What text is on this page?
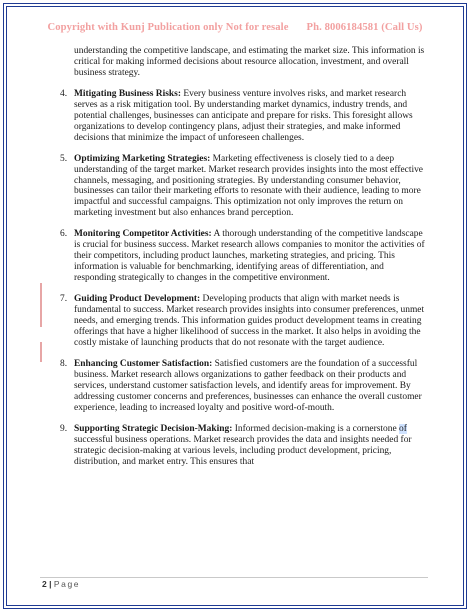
Copyright with Kunj Publication only Not for resale Ph. 8006184581 (Call Us)

understanding the competitive landscape, and estimating the market size. This information is critical for making informed decisions about resource allocation, investment, and overall business strategy.

4. Mitigating Business Risks: Every business venture involves risks, and market research serves as a risk mitigation tool. By understanding market dynamics, industry trends, and potential challenges, businesses can anticipate and prepare for risks. This foresight allows organizations to develop contingency plans, adjust their strategies, and make informed decisions that minimize the impact of unforeseen challenges.
5. Optimizing Marketing Strategies: Marketing effectiveness is closely tied to a deep understanding of the target market. Market research provides insights into the most effective channels, messaging, and positioning strategies. By understanding consumer behavior, businesses can tailor their marketing efforts to resonate with their audience, leading to more impactful and successful campaigns. This optimization not only improves the return on marketing investment but also enhances brand perception.
6. Monitoring Competitor Activities: A thorough understanding of the competitive landscape is crucial for business success. Market research allows companies to monitor the activities of their competitors, including product launches, marketing strategies, and pricing. This information is valuable for benchmarking, identifying areas of differentiation, and responding strategically to changes in the competitive environment.
7. Guiding Product Development: Developing products that align with market needs is fundamental to success. Market research provides insights into consumer preferences, unmet needs, and emerging trends. This information guides product development teams in creating offerings that have a higher likelihood of success in the market. It also helps in avoiding the costly mistake of launching products that do not resonate with the target audience.
8. Enhancing Customer Satisfaction: Satisfied customers are the foundation of a successful business. Market research allows organizations to gather feedback on their products and services, understand customer satisfaction levels, and identify areas for improvement. By addressing customer concerns and preferences, businesses can enhance the overall customer experience, leading to increased loyalty and positive word-of-mouth.
9. Supporting Strategic Decision-Making: Informed decision-making is a cornerstone of successful business operations. Market research provides the data and insights needed for strategic decision-making at various levels, including product development, pricing, distribution, and market entry. This ensures that
2 | Page
